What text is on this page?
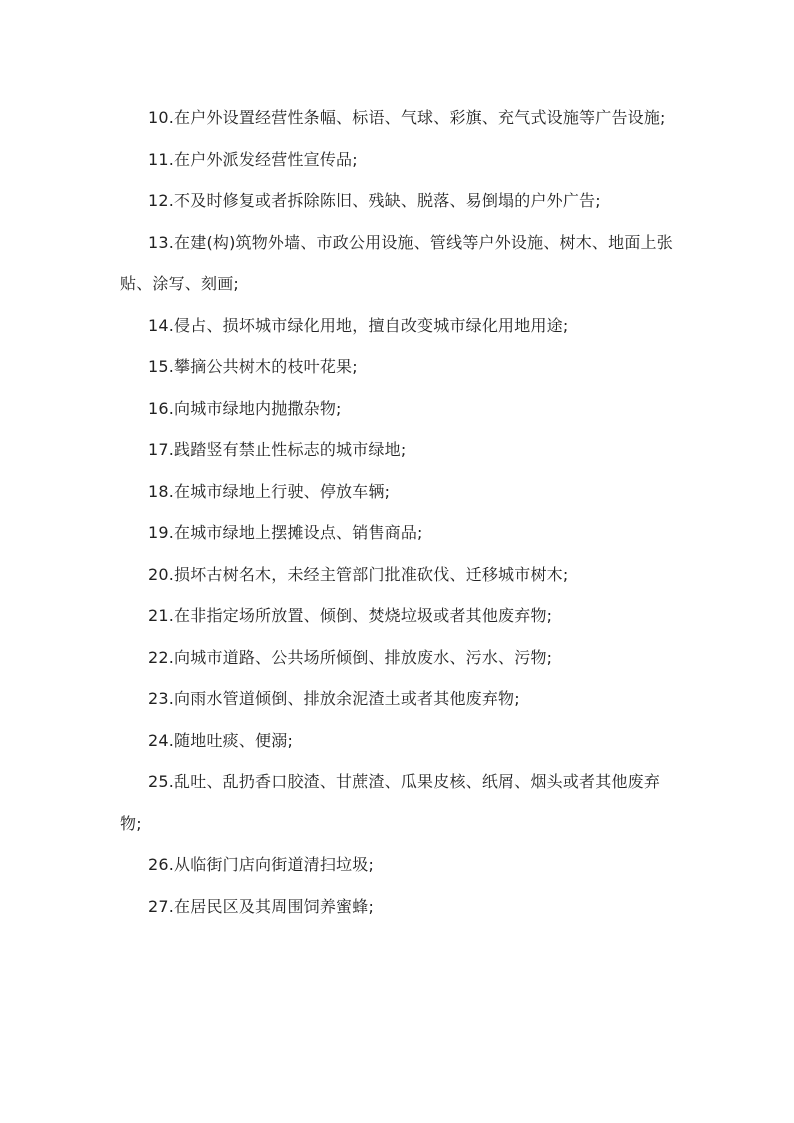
10.在户外设置经营性条幅、标语、气球、彩旗、充气式设施等广告设施;

11.在户外派发经营性宣传品;

12.不及时修复或者拆除陈旧、残缺、脱落、易倒塌的户外广告;

13.在建(构)筑物外墙、市政公用设施、管线等户外设施、树木、地面上张贴、涂写、刻画;

14.侵占、损坏城市绿化用地，擅自改变城市绿化用地用途;

15.攀摘公共树木的枝叶花果;

16.向城市绿地内抛撒杂物;

17.践踏竖有禁止性标志的城市绿地;

18.在城市绿地上行驶、停放车辆;

19.在城市绿地上摆摊设点、销售商品;

20.损坏古树名木，未经主管部门批准砍伐、迁移城市树木;

21.在非指定场所放置、倾倒、焚烧垃圾或者其他废弃物;

22.向城市道路、公共场所倾倒、排放废水、污水、污物;

23.向雨水管道倾倒、排放余泥渣土或者其他废弃物;

24.随地吐痰、便溺;

25.乱吐、乱扔香口胶渣、甘蔗渣、瓜果皮核、纸屑、烟头或者其他废弃物;

26.从临街门店向街道清扫垃圾;

27.在居民区及其周围饲养蜜蜂;
